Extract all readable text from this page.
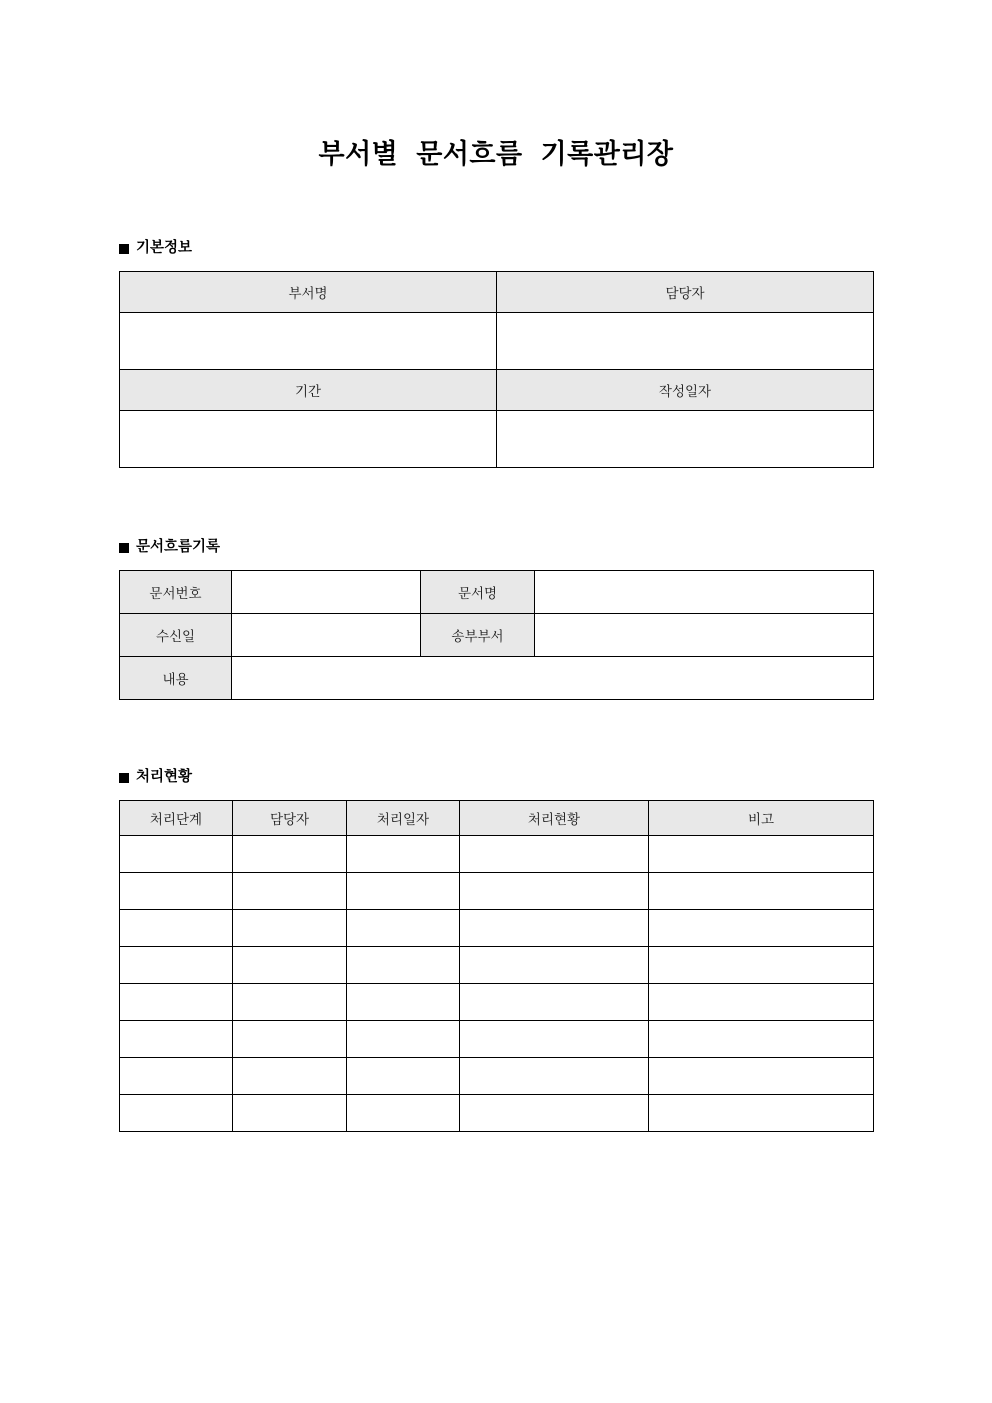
부서별 문서흐름 기록관리장
기본정보
부서명	담당자

기간	작성일자

문서흐름기록
문서번호		문서명	
수신일		송부부서	
내용			
처리현황
처리단계	담당자	처리일자	처리현황	비고
